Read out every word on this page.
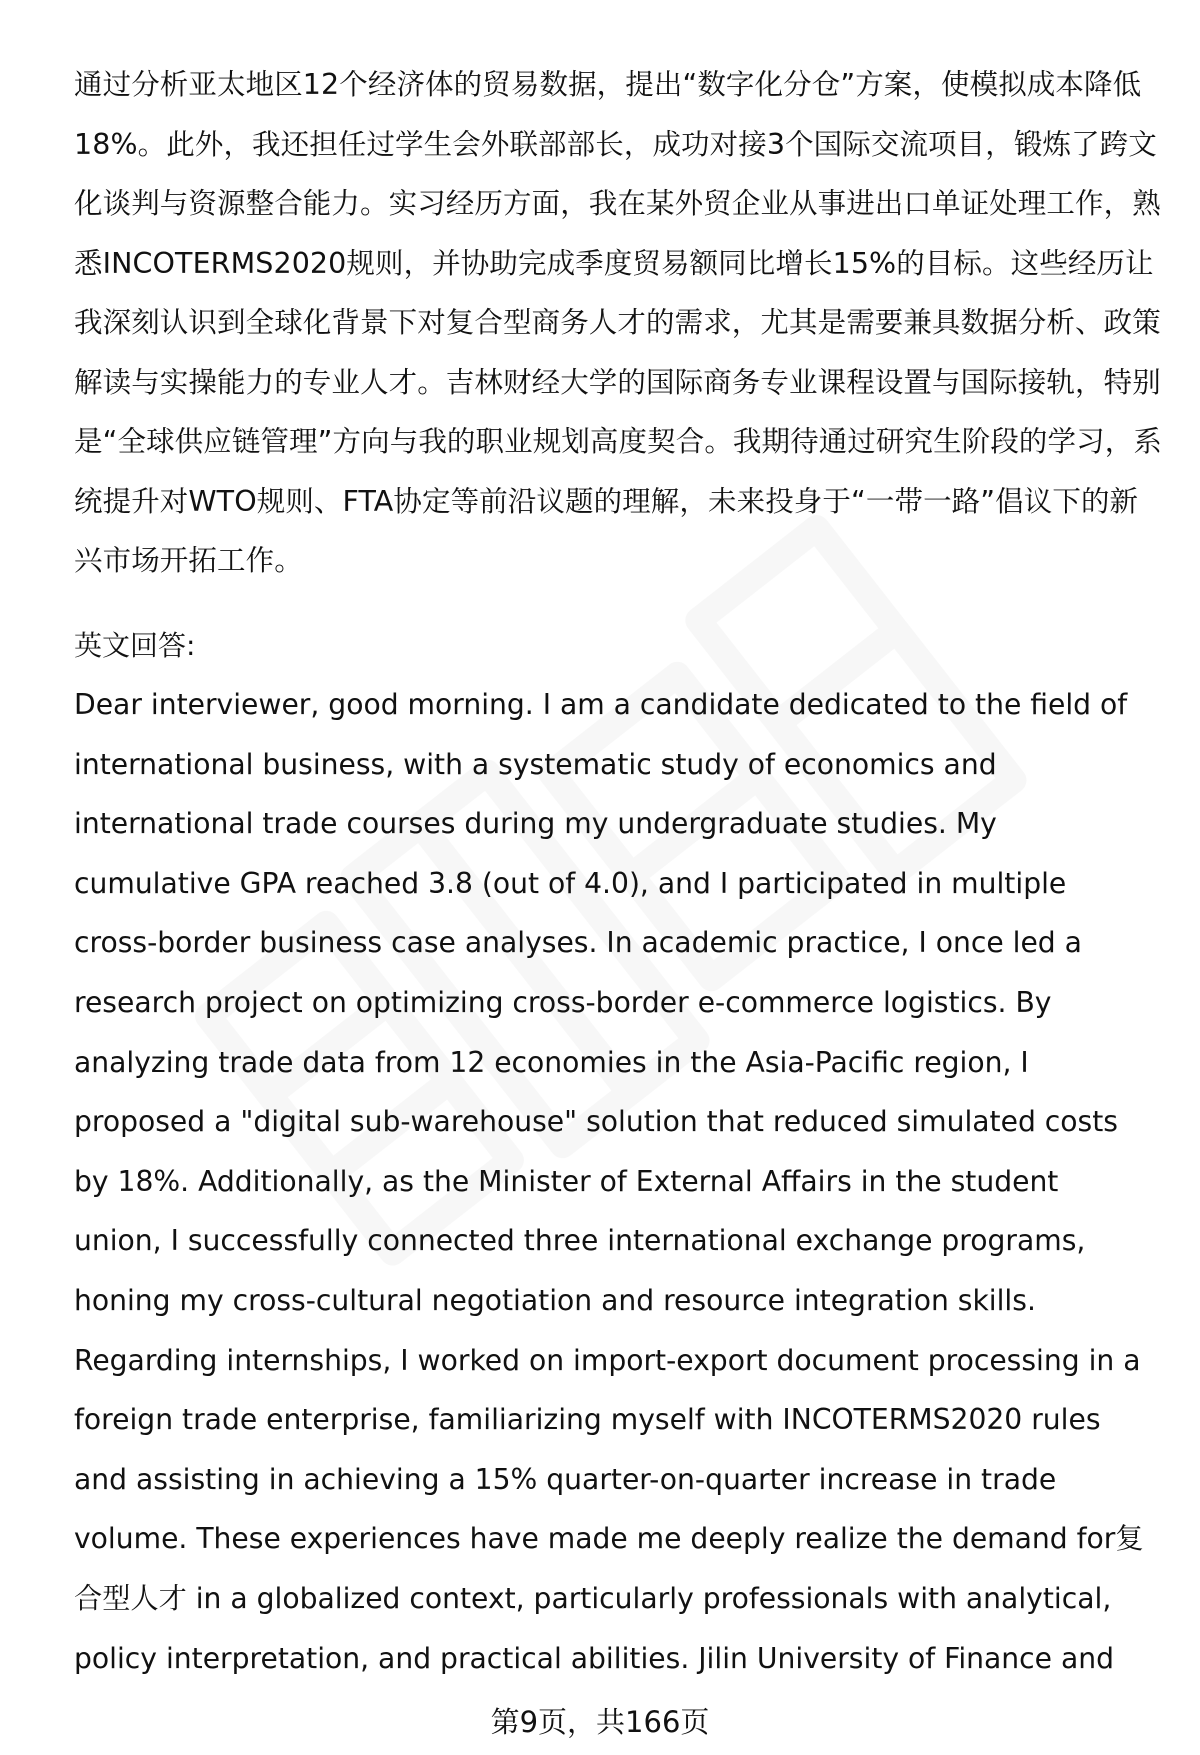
通过分析亚太地区12个经济体的贸易数据，提出“数字化分仓”方案，使模拟成本降低18%。此外，我还担任过学生会外联部部长，成功对接3个国际交流项目，锻炼了跨文化谈判与资源整合能力。实习经历方面，我在某外贸企业从事进出口单证处理工作，熟悉INCOTERMS2020规则，并协助完成季度贸易额同比增长15%的目标。这些经历让我深刻认识到全球化背景下对复合型商务人才的需求，尤其是需要兼具数据分析、政策解读与实操能力的专业人才。吉林财经大学的国际商务专业课程设置与国际接轨，特别是“全球供应链管理”方向与我的职业规划高度契合。我期待通过研究生阶段的学习，系统提升对WTO规则、FTA协定等前沿议题的理解，未来投身于“一带一路”倡议下的新兴市场开拓工作。

英文回答:

Dear interviewer, good morning. I am a candidate dedicated to the field of
international business, with a systematic study of economics and
international trade courses during my undergraduate studies. My
cumulative GPA reached 3.8 (out of 4.0), and I participated in multiple
cross-border business case analyses. In academic practice, I once led a
research project on optimizing cross-border e-commerce logistics. By
analyzing trade data from 12 economies in the Asia-Pacific region, I
proposed a "digital sub-warehouse" solution that reduced simulated costs
by 18%. Additionally, as the Minister of External Affairs in the student
union, I successfully connected three international exchange programs,
honing my cross-cultural negotiation and resource integration skills.
Regarding internships, I worked on import-export document processing in a
foreign trade enterprise, familiarizing myself with INCOTERMS2020 rules
and assisting in achieving a 15% quarter-on-quarter increase in trade
volume. These experiences have made me deeply realize the demand for复
合型人才 in a globalized context, particularly professionals with analytical,
policy interpretation, and practical abilities. Jilin University of Finance and

第9页，共166页
